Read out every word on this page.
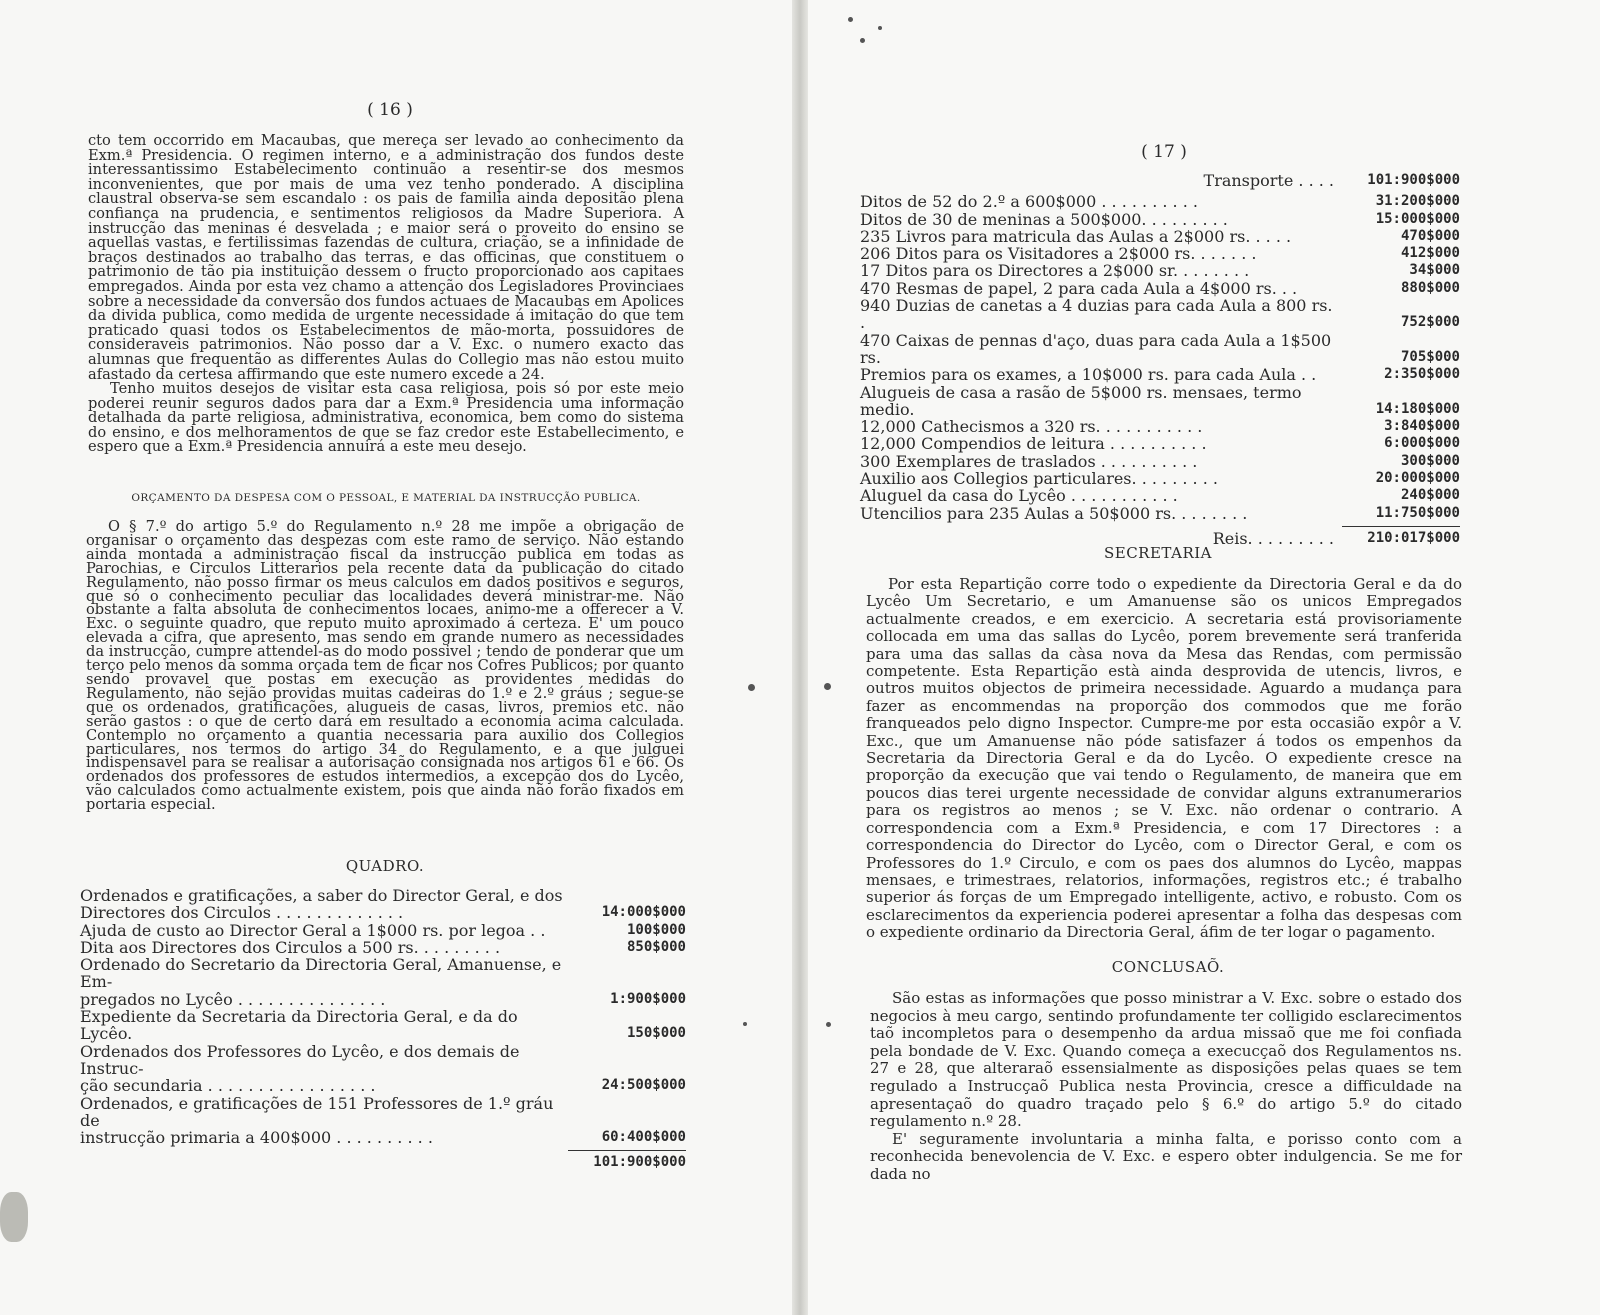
( 16 )

cto tem occorrido em Macaubas, que mereça ser levado ao conhecimento da Exm.ª Presidencia. O regimen interno, e a administração dos fundos deste interessantissimo Estabelecimento continuão a resentir-se dos mesmos inconvenientes, que por mais de uma vez tenho ponderado. A disciplina claustral observa-se sem escandalo : os pais de familia ainda depositão plena confiança na prudencia, e sentimentos religiosos da Madre Superiora. A instrucção das meninas é desvelada ; e maior será o proveito do ensino se aquellas vastas, e fertilissimas fazendas de cultura, criação, se a infinidade de braços destinados ao trabalho das terras, e das officinas, que constituem o patrimonio de tão pia instituição dessem o fructo proporcionado aos capitaes empregados. Ainda por esta vez chamo a attenção dos Legisladores Provinciaes sobre a necessidade da conversão dos fundos actuaes de Macaubas em Apolices da divida publica, como medida de urgente necessidade á imitação do que tem praticado quasi todos os Estabelecimentos de mão-morta, possuidores de consideraveis patrimonios. Não posso dar a V. Exc. o numero exacto das alumnas que frequentão as differentes Aulas do Collegio mas não estou muito afastado da certesa affirmando que este numero excede a 24.

Tenho muitos desejos de visitar esta casa religiosa, pois só por este meio poderei reunir seguros dados para dar a Exm.ª Presidencia uma informação detalhada da parte religiosa, administrativa, economica, bem como do sistema do ensino, e dos melhoramentos de que se faz credor este Estabellecimento, e espero que a Exm.ª Presidencia annuirá a este meu desejo.

ORÇAMENTO DA DESPESA COM O PESSOAL, E MATERIAL DA INSTRUCÇÃO PUBLICA.

O § 7.º do artigo 5.º do Regulamento n.º 28 me impõe a obrigação de organisar o orçamento das despezas com este ramo de serviço. Não estando ainda montada a administração fiscal da instrucção publica em todas as Parochias, e Circulos Litterarios pela recente data da publicação do citado Regulamento, não posso firmar os meus calculos em dados positivos e seguros, que só o conhecimento peculiar das localidades deverá ministrar-me. Não obstante a falta absoluta de conhecimentos locaes, animo-me a offerecer a V. Exc. o seguinte quadro, que reputo muito aproximado á certeza. E' um pouco elevada a cifra, que apresento, mas sendo em grande numero as necessidades da instrucção, cumpre attendel-as do modo possivel ; tendo de ponderar que um terço pelo menos da somma orçada tem de ficar nos Cofres Publicos; por quanto sendo provavel que postas em execução as providentes medidas do Regulamento, não sejão providas muitas cadeiras do 1.º e 2.º gráus ; segue-se que os ordenados, gratificações, alugueis de casas, livros, premios etc. não serão gastos : o que de certo dará em resultado a economia acima calculada. Contemplo no orçamento a quantia necessaria para auxilio dos Collegios particulares, nos termos do artigo 34 do Regulamento, e a que julguei indispensavel para se realisar a autorisação consignada nos artigos 61 e 66. Os ordenados dos professores de estudos intermedios, a excepção dos do Lycêo, vão calculados como actualmente existem, pois que ainda não forão fixados em portaria especial.

QUADRO.
Ordenados e gratificações, a saber do Director Geral, e dos
Directores dos Circulos . . . . . . . . . . . . .	14:000$000
Ajuda de custo ao Director Geral a 1$000 rs. por legoa . .	100$000
Dita aos Directores dos Circulos a 500 rs. . . . . . . . .	850$000
Ordenado do Secretario da Directoria Geral, Amanuense, e Em-
pregados no Lycêo . . . . . . . . . . . . . . .	1:900$000
Expediente da Secretaria da Directoria Geral, e da do Lycêo.	150$000
Ordenados dos Professores do Lycêo, e dos demais de Instruc-
ção secundaria . . . . . . . . . . . . . . . . .	24:500$000
Ordenados, e gratificações de 151 Professores de 1.º gráu de
instrucção primaria a 400$000 . . . . . . . . . .	60:400$000
101:900$000
( 17 )
Transporte . . . .	101:900$000
Ditos de 52 do 2.º a 600$000 . . . . . . . . . .	31:200$000
Ditos de 30 de meninas a 500$000. . . . . . . . .	15:000$000
235 Livros para matricula das Aulas a 2$000 rs. . . . .	470$000
206 Ditos para os Visitadores a 2$000 rs. . . . . . .	412$000
17 Ditos para os Directores a 2$000 sr. . . . . . . .	34$000
470 Resmas de papel, 2 para cada Aula a 4$000 rs. . .	880$000
940 Duzias de canetas a 4 duzias para cada Aula a 800 rs. .	752$000
470 Caixas de pennas d'aço, duas para cada Aula a 1$500 rs.	705$000
Premios para os exames, a 10$000 rs. para cada Aula . .	2:350$000
Alugueis de casa a rasão de 5$000 rs. mensaes, termo medio.	14:180$000
12,000 Cathecismos a 320 rs. . . . . . . . . . .	3:840$000
12,000 Compendios de leitura . . . . . . . . . .	6:000$000
300 Exemplares de traslados . . . . . . . . . .	300$000
Auxilio aos Collegios particulares. . . . . . . . .	20:000$000
Aluguel da casa do Lycêo . . . . . . . . . . .	240$000
Utencilios para 235 Aulas a 50$000 rs. . . . . . . .	11:750$000
Reis. . . . . . . . .	210:017$000
SECRETARIA

Por esta Repartição corre todo o expediente da Directoria Geral e da do Lycêo Um Secretario, e um Amanuense são os unicos Empregados actualmente creados, e em exercicio. A secretaria está provisoriamente collocada em uma das sallas do Lycêo, porem brevemente será tranferida para uma das sallas da càsa nova da Mesa das Rendas, com permissão competente. Esta Repartição està ainda desprovida de utencis, livros, e outros muitos objectos de primeira necessidade. Aguardo a mudança para fazer as encommendas na proporção dos commodos que me forão franqueados pelo digno Inspector. Cumpre-me por esta occasião expôr a V. Exc., que um Amanuense não póde satisfazer á todos os empenhos da Secretaria da Directoria Geral e da do Lycêo. O expediente cresce na proporção da execução que vai tendo o Regulamento, de maneira que em poucos dias terei urgente necessidade de convidar alguns extranumerarios para os registros ao menos ; se V. Exc. não ordenar o contrario. A correspondencia com a Exm.ª Presidencia, e com 17 Directores : a correspondencia do Director do Lycêo, com o Director Geral, e com os Professores do 1.º Circulo, e com os paes dos alumnos do Lycêo, mappas mensaes, e trimestraes, relatorios, informações, registros etc.; é trabalho superior ás forças de um Empregado intelligente, activo, e robusto. Com os esclarecimentos da experiencia poderei apresentar a folha das despesas com o expediente ordinario da Directoria Geral, áfim de ter logar o pagamento.

CONCLUSAÕ.

São estas as informações que posso ministrar a V. Exc. sobre o estado dos negocios à meu cargo, sentindo profundamente ter colligido esclarecimentos taõ incompletos para o desempenho da ardua missaõ que me foi confiada pela bondade de V. Exc. Quando começa a execucçaõ dos Regulamentos ns. 27 e 28, que alteraraõ essensialmente as disposições pelas quaes se tem regulado a Instrucçaõ Publica nesta Provincia, cresce a difficuldade na apresentaçaõ do quadro traçado pelo § 6.º do artigo 5.º do citado regulamento n.º 28.

E' seguramente involuntaria a minha falta, e porisso conto com a reconhecida benevolencia de V. Exc. e espero obter indulgencia. Se me for dada no
